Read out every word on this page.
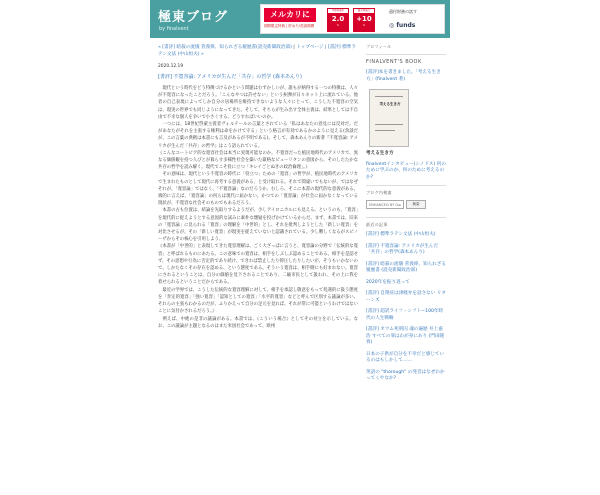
極東ブログ
by finalvent
メルカリに
期間限定特典 | 貯めた!投資期間
手数料割引
2.0
%
還元率最大
+10
%
還付財務の話す
◎ funds
« [書評] 暗殺の流儀 菅義偉、知られざる履歴書(読売新聞政治部) | トップページ | [書評] 標準ラテン文法 (中山恒夫) »
2020.12.19
[書評] 不寛容論: アメリカが生んだ「共存」の哲学 (森本あんり)

　現代という時代をどう特徴づけるかという問題はむずかしいが、誰もが納得する一つの特徴は、人々が不寛容になったことだろう。「こんなやつは許せない」という糾弾が日々ネット上に流れている。他者の自己表現によってしか自分の居場所を維持できないような人々にとって、こうした不寛容の空気は、現実の世界でも同じようになってきた。そして、そちらが生み出す全体主義は、結果としては不自由で不幸な個人を争いで小さくする、どうすればいいのか。

　一つには、18世紀啓蒙主義者ヴォルテールの言葉とされている「私はあなたの意見には反対だ。だがあなたがそれを主張する権利は命をかけて守る」という格言が有効であるかのように見える(余談だが、この言葉の典拠は本書にも言及があるが不明である)。そして、森本あんりの新著『不寛容論: アメリカが生んだ「共存」の哲学』はこう語られている。

《こんなユートピア的な寛容社会は本当に実現可能なのか。不寛容だった植民地時代のアメリカで、異なる価値観を持つ人びとが暮らす多様性社会を築いた厳格なピューリタンの意図から、そのしたたかな共存の哲学を読み解く。現代でこそ役に立つ「キレイごとぬきの政治倫理」。》

　その意味は、現代という不寛容の時代に「役立つ」ための「寛容」の哲学が、植民地時代のアメリカで生まれたものとして現代に再考する意義がある、と受け取れる。それで間違いでもないが、ではなぜそれが、「寛容論」ではなく、「不寛容論」なのだろうか。むしろ、そこに本書の現代的な意義がある。端的に言えば、「寛容論」の何らは現代に届かない。かつての「寛容論」が社会に届かなくなっている現状が、不寛容な社会そのものでもあるだろう。

　本書の古も位置は、結論を先取りするようだが、少しアイロニカルにも見える。というのも、「寛容」を現代的に捉えようとする意図的な試みに素朴な懐疑を投げかけているからだ。まず、本書では、旧来の「寛容論」に見られる「寛容」の理解を「中世的」とし、それを批判しようとした「新しい寛容」を対比させるが、その「新しい寛容」が現実を捉えていないと認識されている。少し難しくなるがスピノーザからその核心を引用しよう。

《本書が「中世的」と表現してきた寛容理解は、ごく大ざっぱに言うと、寛容論の分野で「伝統的な寛容」と呼ばれるものにあたる。この意味での寛容は、相手をしぶしぶ認めることである。相手を是認せず、その思想や行為に否定的であり続け、できれば禁止したり抑圧したりしたいが、そうもいかないので、しかたなくその存在を認める、という態度である。そういう寛容は、相手側にも好まれない。寛容にされるということは、自分の価値を見下されることであり、二級市民として扱われ、その上に我を着せられるということだからである。

　最近の学界では、こうした伝統的な寛容理解に対して、相手を承認し敬意をもって処遇的に扱う態度を「肯定的寛容」「強い寛容」「認知としての寛容」「水平的寛容」などと呼んで区別する議論が多い。それらの主張もわかるのだが、ふりかえって自分の足元を見れば、それが常に可能というわけではないことに気付かされるだろう。》

　例えば、中絶の是非の議論がある。本書では、《こういう場合》としてその対立を示している。なお、この議論が主題となるのはまた米国社会であって、欧州

プロフィール
FINALVENT'S BOOK
[書評]本を書きました。「考える生き方」(finalvent 著)
考える生き方
考える生き方
finalventインタビュー(シノドス) 何のために学ぶのか、何のために考えるのか?
ブログ内検索
ENHANCED BY Google
検索
最近の記事
[書評] 標準ラテン文法 (中山恒夫)
[書評] 不寛容論: アメリカが生んだ「共存」の哲学(森本あんり)
[書評] 暗殺の流儀 菅義偉、知られざる履歴書 (読売新聞政治部)
2020年を振り返って
[書評] 自閉症は津軽弁を話さない リターンズ
[書評] 超訳ライフ・シフト−100年時代の人生戦略
[書評] オウム死刑囚 魂の遍歴 井上嘉浩 すべての罪はわが身にあり (門田隆将)
日本の子供が自分を不幸だと感じているのはもしかして……
英語の "thorough" の発音はなぜわかってくやなか?
